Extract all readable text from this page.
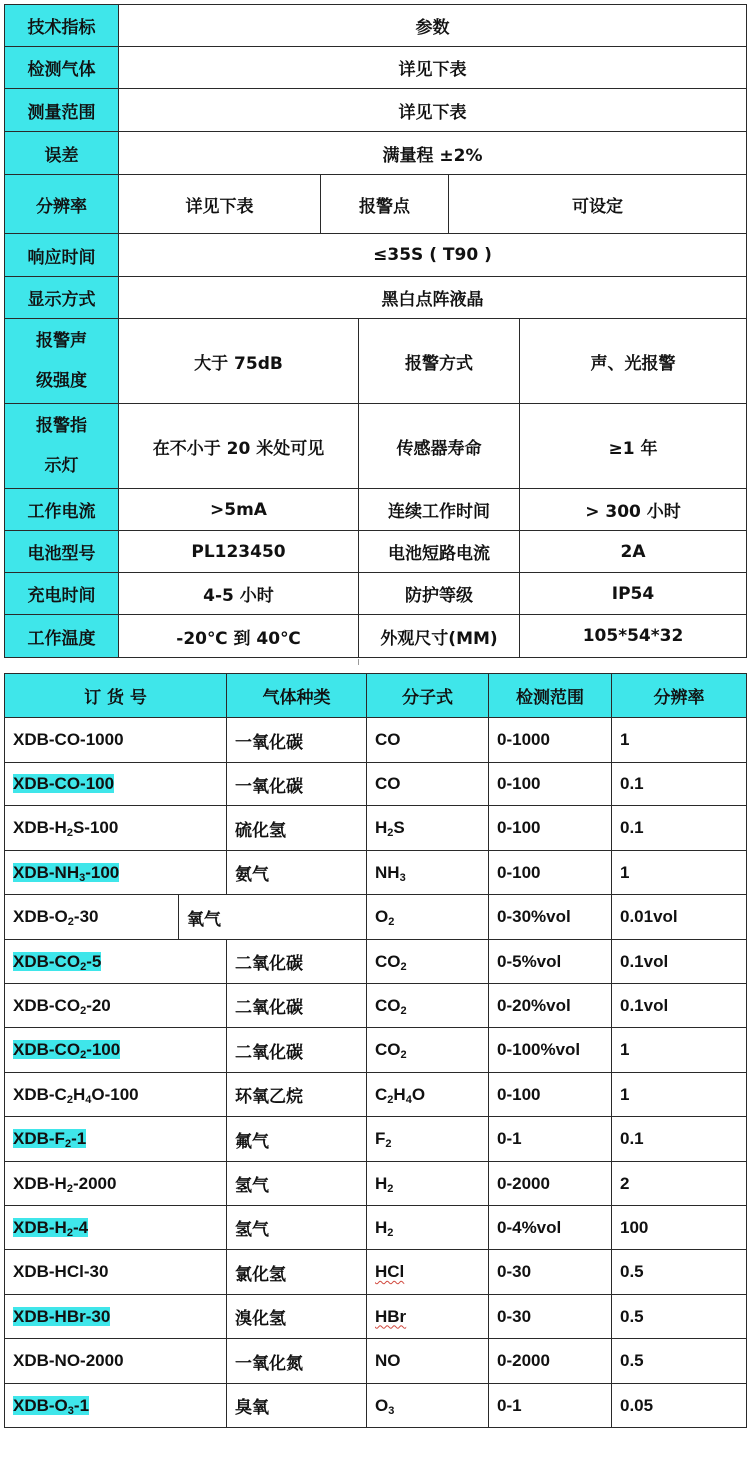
技术指标	参数				
检测气体	详见下表				
测量范围	详见下表				
误差	满量程 ±2%				
分辨率	详见下表	报警点		可设定	
响应时间	≤35S ( T90 )				
显示方式	黑白点阵液晶				

报警声
级强度	大于 75dB		报警方式		声、光报警

报警指
示灯	在不小于 20 米处可见		传感器寿命		≥1 年
工作电流	>5mA		连续工作时间		> 300 小时
电池型号	PL123450		电池短路电流		2A
充电时间	4-5 小时		防护等级		IP54
工作温度	-20℃ 到 40℃		外观尺寸(MM)		105*54*32
订 货 号		气体种类	分子式	检测范围	分辨率
XDB-CO-1000		一氧化碳	CO	0-1000	1
XDB-CO-100		一氧化碳	CO	0-100	0.1
XDB-$H_2S-100$		硫化氢	$H_2S$	0-100	0.1
XDB-$NH_3-100$		氨气	$NH_3$	0-100	1
XDB-$O_2-30$	氧气		$O_2$	0-30%vol	0.01vol
XDB-$CO_2-5$		二氧化碳	$CO_2$	0-5%vol	0.1vol
XDB-$CO_2-20$		二氧化碳	$CO_2$	0-20%vol	0.1vol
XDB-$CO_2-100$		二氧化碳	$CO_2$	0-100%vol	1
XDB-$C_2H_4O-100$		环氧乙烷	$C_2H_4O$	0-100	1
XDB-$F_2-1$		氟气	$F_2$	0-1	0.1
XDB-$H_2-2000$		氢气	$H_2$	0-2000	2
XDB-$H_2-4$		氢气	$H_2$	0-4%vol	100
XDB-HCl-30		氯化氢	HCl	0-30	0.5
XDB-HBr-30		溴化氢	HBr	0-30	0.5
XDB-NO-2000		一氧化氮	NO	0-2000	0.5
XDB-$O_3-1$		臭氧	$O_3$	0-1	0.05
